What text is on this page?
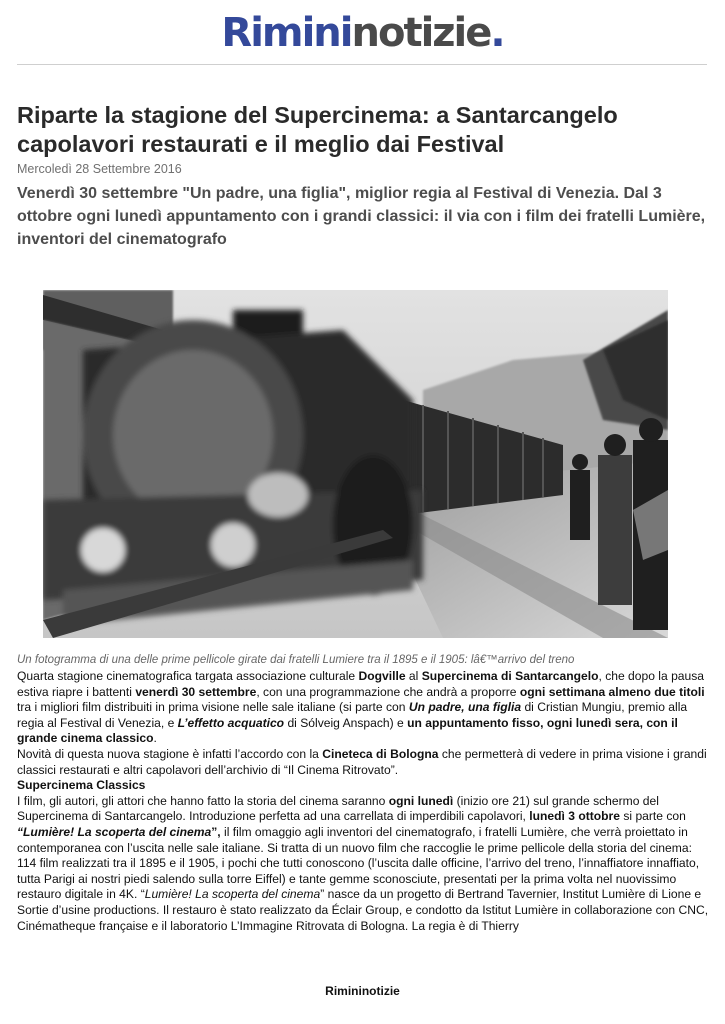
Rimininotizie.
Riparte la stagione del Supercinema: a Santarcangelo capolavori restaurati e il meglio dai Festival
Mercoledì 28 Settembre 2016
Venerdì 30 settembre "Un padre, una figlia", miglior regia al Festival di Venezia. Dal 3 ottobre ogni lunedì appuntamento con i grandi classici: il via con i film dei fratelli Lumière, inventori del cinematografo
Un fotogramma di una delle prime pellicole girate dai fratelli Lumiere tra il 1895 e il 1905: lâ€™arrivo del treno

Quarta stagione cinematografica targata associazione culturale Dogville al Supercinema di Santarcangelo, che dopo la pausa estiva riapre i battenti venerdì 30 settembre, con una programmazione che andrà a proporre ogni settimana almeno due titoli tra i migliori film distribuiti in prima visione nelle sale italiane (si parte con Un padre, una figlia di Cristian Mungiu, premio alla regia al Festival di Venezia, e L’effetto acquatico di Sólveig Anspach) e un appuntamento fisso, ogni lunedì sera, con il grande cinema classico.

Novità di questa nuova stagione è infatti l’accordo con la Cineteca di Bologna che permetterà di vedere in prima visione i grandi classici restaurati e altri capolavori dell’archivio di “Il Cinema Ritrovato”.

Supercinema Classics

I film, gli autori, gli attori che hanno fatto la storia del cinema saranno ogni lunedì (inizio ore 21) sul grande schermo del Supercinema di Santarcangelo. Introduzione perfetta ad una carrellata di imperdibili capolavori, lunedì 3 ottobre si parte con “Lumière! La scoperta del cinema”, il film omaggio agli inventori del cinematografo, i fratelli Lumière, che verrà proiettato in contemporanea con l’uscita nelle sale italiane. Si tratta di un nuovo film che raccoglie le prime pellicole della storia del cinema: 114 film realizzati tra il 1895 e il 1905, i pochi che tutti conoscono (l’uscita dalle officine, l’arrivo del treno, l’innaffiatore innaffiato, tutta Parigi ai nostri piedi salendo sulla torre Eiffel) e tante gemme sconosciute, presentati per la prima volta nel nuovissimo restauro digitale in 4K. “Lumière! La scoperta del cinema” nasce da un progetto di Bertrand Tavernier, Institut Lumière di Lione e Sortie d’usine productions. Il restauro è stato realizzato da Éclair Group, e condotto da Istitut Lumière in collaborazione con CNC, Cinématheque française e il laboratorio L’Immagine Ritrovata di Bologna. La regia è di Thierry

Rimininotizie
